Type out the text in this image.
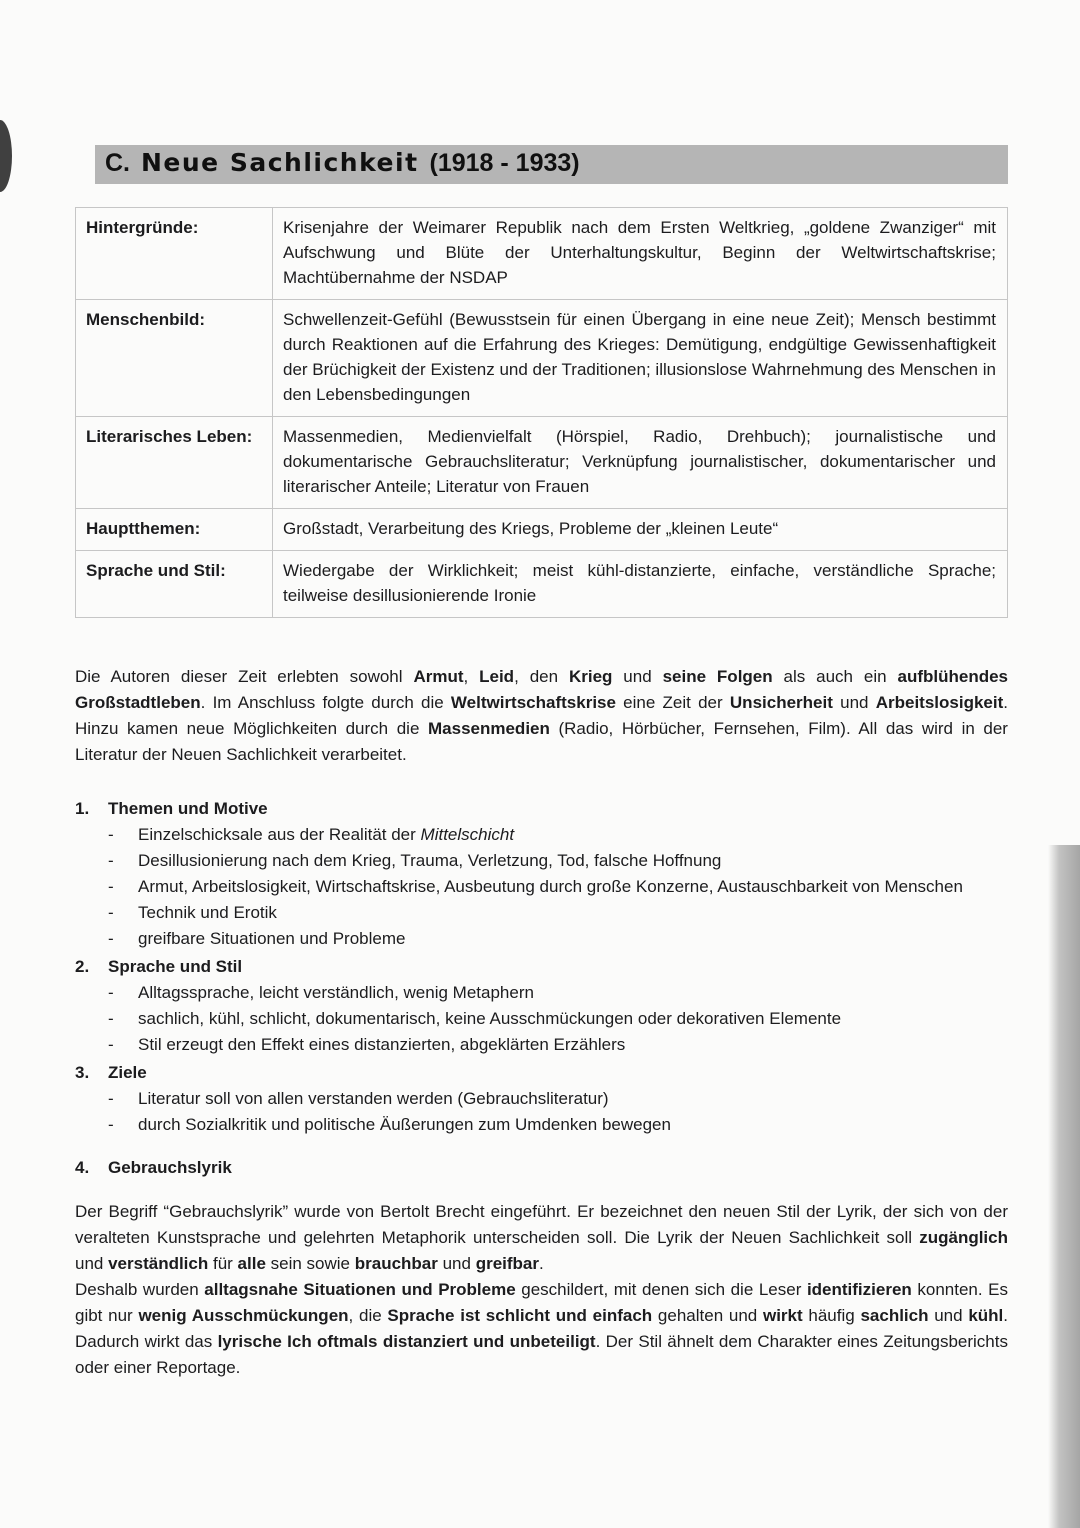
C. Neue Sachlichkeit (1918 - 1933)
Hintergründe:	Krisenjahre der Weimarer Republik nach dem Ersten Weltkrieg, „goldene Zwanziger“ mit Aufschwung und Blüte der Unterhaltungskultur, Beginn der Weltwirtschaftskrise; Machtübernahme der NSDAP
Menschenbild:	Schwellenzeit-Gefühl (Bewusstsein für einen Übergang in eine neue Zeit); Mensch bestimmt durch Reaktionen auf die Erfahrung des Krieges: Demütigung, endgültige Gewissenhaftigkeit der Brüchigkeit der Existenz und der Traditionen; illusionslose Wahrnehmung des Menschen in den Lebensbedingungen
Literarisches Leben:	Massenmedien, Medienvielfalt (Hörspiel, Radio, Drehbuch); journalistische und dokumentarische Gebrauchsliteratur; Verknüpfung journalistischer, dokumentarischer und literarischer Anteile; Literatur von Frauen
Hauptthemen:	Großstadt, Verarbeitung des Kriegs, Probleme der „kleinen Leute“
Sprache und Stil:	Wiedergabe der Wirklichkeit; meist kühl-distanzierte, einfache, verständliche Sprache; teilweise desillusionierende Ironie

Die Autoren dieser Zeit erlebten sowohl Armut, Leid, den Krieg und seine Folgen als auch ein aufblühendes Großstadtleben. Im Anschluss folgte durch die Weltwirtschaftskrise eine Zeit der Unsicherheit und Arbeitslosigkeit. Hinzu kamen neue Möglichkeiten durch die Massenmedien (Radio, Hörbücher, Fernsehen, Film). All das wird in der Literatur der Neuen Sachlichkeit verarbeitet.

1.	Themen und Motive
-	Einzelschicksale aus der Realität der Mittelschicht
-	Desillusionierung nach dem Krieg, Trauma, Verletzung, Tod, falsche Hoffnung
-	Armut, Arbeitslosigkeit, Wirtschaftskrise, Ausbeutung durch große Konzerne, Austauschbarkeit von Menschen
-	Technik und Erotik
-	greifbare Situationen und Probleme
2.	Sprache und Stil
-	Alltagssprache, leicht verständlich, wenig Metaphern
-	sachlich, kühl, schlicht, dokumentarisch, keine Ausschmückungen oder dekorativen Elemente
-	Stil erzeugt den Effekt eines distanzierten, abgeklärten Erzählers
3.	Ziele
-	Literatur soll von allen verstanden werden (Gebrauchsliteratur)
-	durch Sozialkritik und politische Äußerungen zum Umdenken bewegen
4.	Gebrauchslyrik

Der Begriff “Gebrauchslyrik” wurde von Bertolt Brecht eingeführt. Er bezeichnet den neuen Stil der Lyrik, der sich von der veralteten Kunstsprache und gelehrten Metaphorik unterscheiden soll. Die Lyrik der Neuen Sachlichkeit soll zugänglich und verständlich für alle sein sowie brauchbar und greifbar.

Deshalb wurden alltagsnahe Situationen und Probleme geschildert, mit denen sich die Leser identifizieren konnten. Es gibt nur wenig Ausschmückungen, die Sprache ist schlicht und einfach gehalten und wirkt häufig sachlich und kühl. Dadurch wirkt das lyrische Ich oftmals distanziert und unbeteiligt. Der Stil ähnelt dem Charakter eines Zeitungsberichts oder einer Reportage.
